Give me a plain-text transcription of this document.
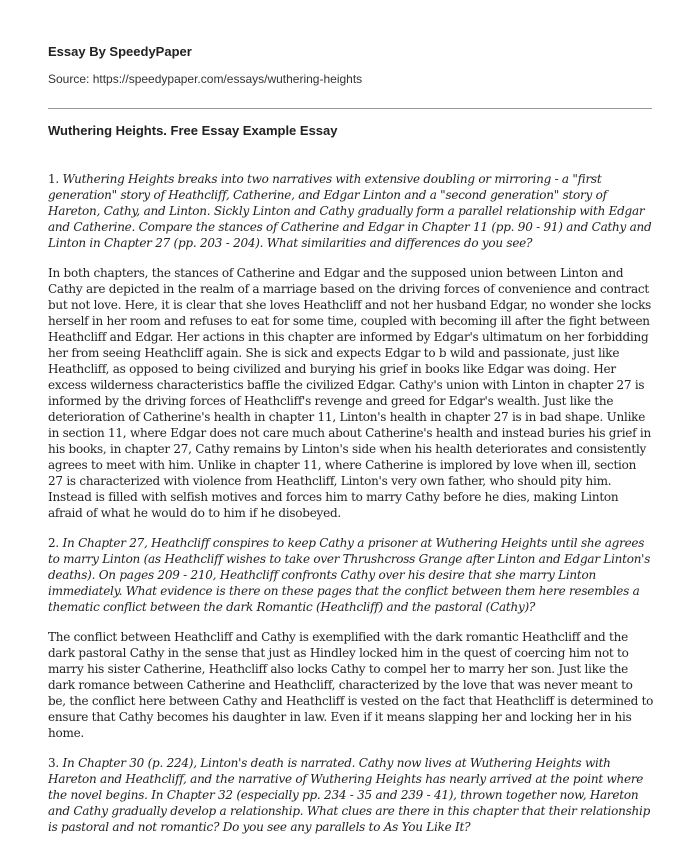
Essay By SpeedyPaper
Source: https://speedypaper.com/essays/wuthering-heights
Wuthering Heights. Free Essay Example Essay

1. Wuthering Heights breaks into two narratives with extensive doubling or mirroring - a "first generation" story of Heathcliff, Catherine, and Edgar Linton and a "second generation" story of Hareton, Cathy, and Linton. Sickly Linton and Cathy gradually form a parallel relationship with Edgar and Catherine. Compare the stances of Catherine and Edgar in Chapter 11 (pp. 90 - 91) and Cathy and Linton in Chapter 27 (pp. 203 - 204). What similarities and differences do you see?

In both chapters, the stances of Catherine and Edgar and the supposed union between Linton and Cathy are depicted in the realm of a marriage based on the driving forces of convenience and contract but not love. Here, it is clear that she loves Heathcliff and not her husband Edgar, no wonder she locks herself in her room and refuses to eat for some time, coupled with becoming ill after the fight between Heathcliff and Edgar. Her actions in this chapter are informed by Edgar's ultimatum on her forbidding her from seeing Heathcliff again. She is sick and expects Edgar to b wild and passionate, just like Heathcliff, as opposed to being civilized and burying his grief in books like Edgar was doing. Her excess wilderness characteristics baffle the civilized Edgar. Cathy's union with Linton in chapter 27 is informed by the driving forces of Heathcliff's revenge and greed for Edgar's wealth. Just like the deterioration of Catherine's health in chapter 11, Linton's health in chapter 27 is in bad shape. Unlike in section 11, where Edgar does not care much about Catherine's health and instead buries his grief in his books, in chapter 27, Cathy remains by Linton's side when his health deteriorates and consistently agrees to meet with him. Unlike in chapter 11, where Catherine is implored by love when ill, section 27 is characterized with violence from Heathcliff, Linton's very own father, who should pity him. Instead is filled with selfish motives and forces him to marry Cathy before he dies, making Linton afraid of what he would do to him if he disobeyed.

2. In Chapter 27, Heathcliff conspires to keep Cathy a prisoner at Wuthering Heights until she agrees to marry Linton (as Heathcliff wishes to take over Thrushcross Grange after Linton and Edgar Linton's deaths). On pages 209 - 210, Heathcliff confronts Cathy over his desire that she marry Linton immediately. What evidence is there on these pages that the conflict between them here resembles a thematic conflict between the dark Romantic (Heathcliff) and the pastoral (Cathy)?

The conflict between Heathcliff and Cathy is exemplified with the dark romantic Heathcliff and the dark pastoral Cathy in the sense that just as Hindley locked him in the quest of coercing him not to marry his sister Catherine, Heathcliff also locks Cathy to compel her to marry her son. Just like the dark romance between Catherine and Heathcliff, characterized by the love that was never meant to be, the conflict here between Cathy and Heathcliff is vested on the fact that Heathcliff is determined to ensure that Cathy becomes his daughter in law. Even if it means slapping her and locking her in his home.

3. In Chapter 30 (p. 224), Linton's death is narrated. Cathy now lives at Wuthering Heights with Hareton and Heathcliff, and the narrative of Wuthering Heights has nearly arrived at the point where the novel begins. In Chapter 32 (especially pp. 234 - 35 and 239 - 41), thrown together now, Hareton and Cathy gradually develop a relationship. What clues are there in this chapter that their relationship is pastoral and not romantic? Do you see any parallels to As You Like It?
